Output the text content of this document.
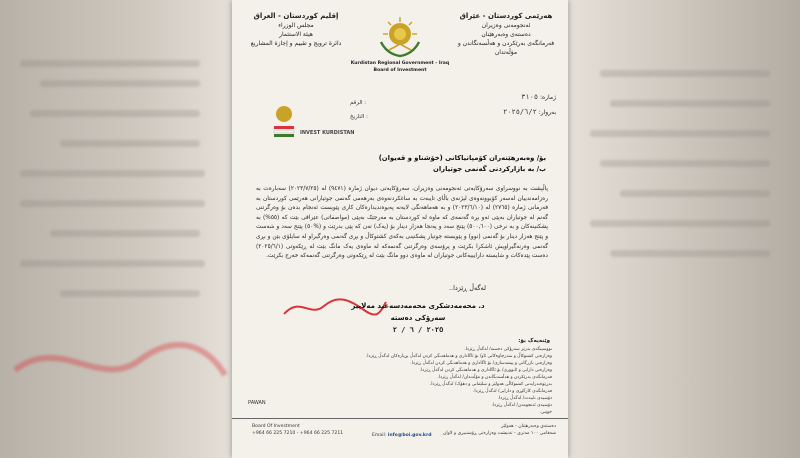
إقليم كوردستان - العراق
مجلس الوزراء
هيئة الاستثمار
دائرة ترويج و تقييم و إجازة المشاريع
Kurdistan Regional Government - Iraq
Board of Investment
هەرێمی کوردستان - عێراق
ئەنجومەنی وەزیران
دەستەی وەبەرهێنان
فەرمانگەی بەرێکردن و هەڵسەنگاندن و مۆڵەتدان
ژمارە: ٣١٠٥
بەروار: ٢٠٢٥/٦/٢
الرقم :
التاريخ :
INVEST KURDISTAN
بۆ/ وەبەرهێنەران کۆمپانیاکانی (خۆشناو و قەیوان)
ب/ بە بازارکردنی گەنمی جوتیاران
پاڵپشت بە نووسراوی سەرۆکایەتی ئەنجومەنی وەزیران، سەرۆکایەتی دیوان ژمارە (٩٤٧١) لە (٢٠٢٣/٧/٢٥) سەبارەت بە رەزامەندییان لەسەر کۆبوونەوەی لیژنەی باڵای تایبەت بە ساغکردنەوەی بەرهەمی گەنمی جوتیارانی هەرێمی کوردستان بە فەرمانی ژمارە (٢٧٦٥) لە (٢٠٢٣/٦/١٠) و بە هەماهەنگی لایەنە پەیوەندیدارەکان کاری پێویست ئەنجام بدەن بۆ وەرگرتنی گەنم لە جوتیاران بەپێی ئەو بڕە گەنمەی کە ماوە لە کوردستان بە مەرجێک بەپێی (مواصفاتی) عێراقی بێت کە (٥٥%) بە پشکنینەکان و بە نرخی (٥٠٠,٦٠٠) پێنج سەد و پەنجا هەزار دینار بۆ (یەک) تەن کە پێی بدرێت و (%٥٠) پێنج سەد و شەست و پێنج هەزار دینار بۆ گەنمی (نوو) و پێویستە جوتیار پشکنینی بەکەی کشتوکاڵ و بڕی گەنمی وەرگیراو لە سایلۆی بێن و بڕی گەنمی وەرنەگیراویش ئاشکرا بکرێت و پرۆسەی وەرگرتنی گەنمەکە لە ماوەی یەک مانگ بێت لە ڕێکەوتی (٢٠٢٥/٦/١) دەست پێدەکات و شایستە دارایییەکانی جوتیاران لە ماوەی دوو مانگ بێت لە ڕێکەوتی وەرگرتنی گەنمەکە خەرج بکرێت.
لەگەڵ ڕێزدا..
د. محەمەدشکری محەمەدسەعید مەلاپیر
سەرۆکی دەستە
٢٠٢٥ / ٦ / ٢
وێنەیەک بۆ:
نووسینگەی بەرێز سەرۆکی دەستە/ لەگەڵ ڕێزدا.
وەزارەتی کشتوکاڵ و سەرچاوەکانی ئاو/ بۆ ئاگاداری و هەماهەنگی کردن لەگەڵ بڕیارەکان لەگەڵ ڕێزدا.
وەزارەتی بازرگانی و پیشەسازی/ بۆ ئاگاداری و هەماهەنگی کردن لەگەڵ ڕێزدا.
وەزارەتی دارایی و ئابووری/ بۆ ئاگاداری و هەماهەنگی کردن لەگەڵ ڕێزدا.
فەرمانگەی بەرێکردن و هەڵسەنگاندن و مۆڵەتدان/ لەگەڵ ڕێزدا.
بەڕێوەبەرایەتی کشتوکاڵی هەولێر و سلێمانی و دهۆک/ لەگەڵ ڕێزدا.
فەرمانگەی کارگێڕی و دارایی/ لەگەڵ ڕێزدا.
دۆسیەی تایبەت/ لەگەڵ ڕێزدا.
دۆسیەی ئەنجومەن/ لەگەڵ ڕێزدا.
خوێنی.
PAWAN
Board Of Investment
+964 66 225 7210 - +964 66 225 7211	Email: info@boi.gov.krd
دەستەی وەبەرهێنان - هەولێر
شەقامی ١٠٠ مەتری - تەنیشت وەزارەتی ڕۆشنبیری و لاوان
